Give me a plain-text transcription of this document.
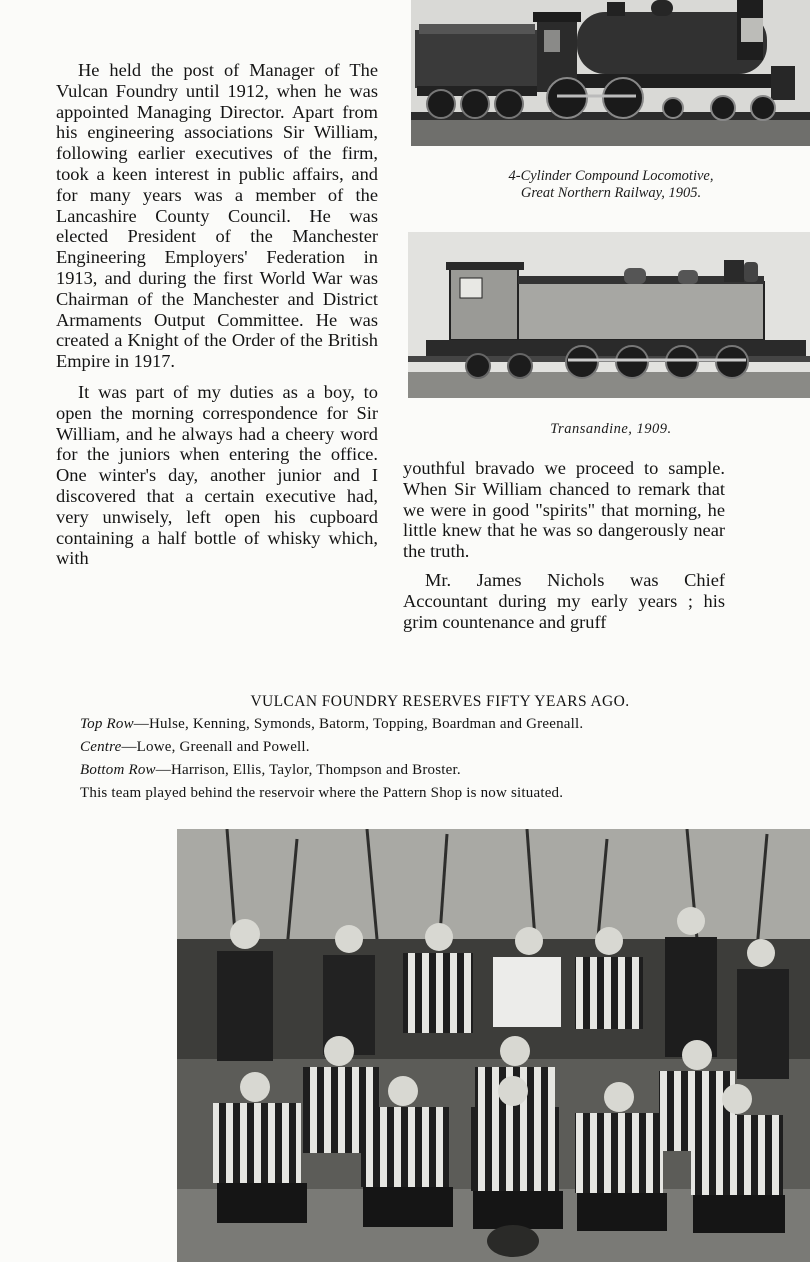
He held the post of Manager of The Vulcan Foundry until 1912, when he was appointed Managing Director. Apart from his engineering associations Sir William, following earlier executives of the firm, took a keen interest in public affairs, and for many years was a member of the Lancashire County Council. He was elected President of the Manchester Engineering Employers' Federation in 1913, and during the first World War was Chairman of the Manchester and District Armaments Output Committee. He was created a Knight of the Order of the British Empire in 1917.

It was part of my duties as a boy, to open the morning correspondence for Sir William, and he always had a cheery word for the juniors when entering the office. One winter's day, another junior and I discovered that a certain executive had, very unwisely, left open his cupboard containing a half bottle of whisky which, with

4-Cylinder Compound Locomotive,
Great Northern Railway, 1905.
Transandine, 1909.

youthful bravado we proceed to sample. When Sir William chanced to remark that we were in good "spirits" that morning, he little knew that he was so dangerously near the truth.

Mr. James Nichols was Chief Accountant during my early years ; his grim countenance and gruff

VULCAN FOUNDRY RESERVES FIFTY YEARS AGO.
Top Row—Hulse, Kenning, Symonds, Batorm, Topping, Boardman and Greenall.
Centre—Lowe, Greenall and Powell.
Bottom Row—Harrison, Ellis, Taylor, Thompson and Broster.
This team played behind the reservoir where the Pattern Shop is now situated.
